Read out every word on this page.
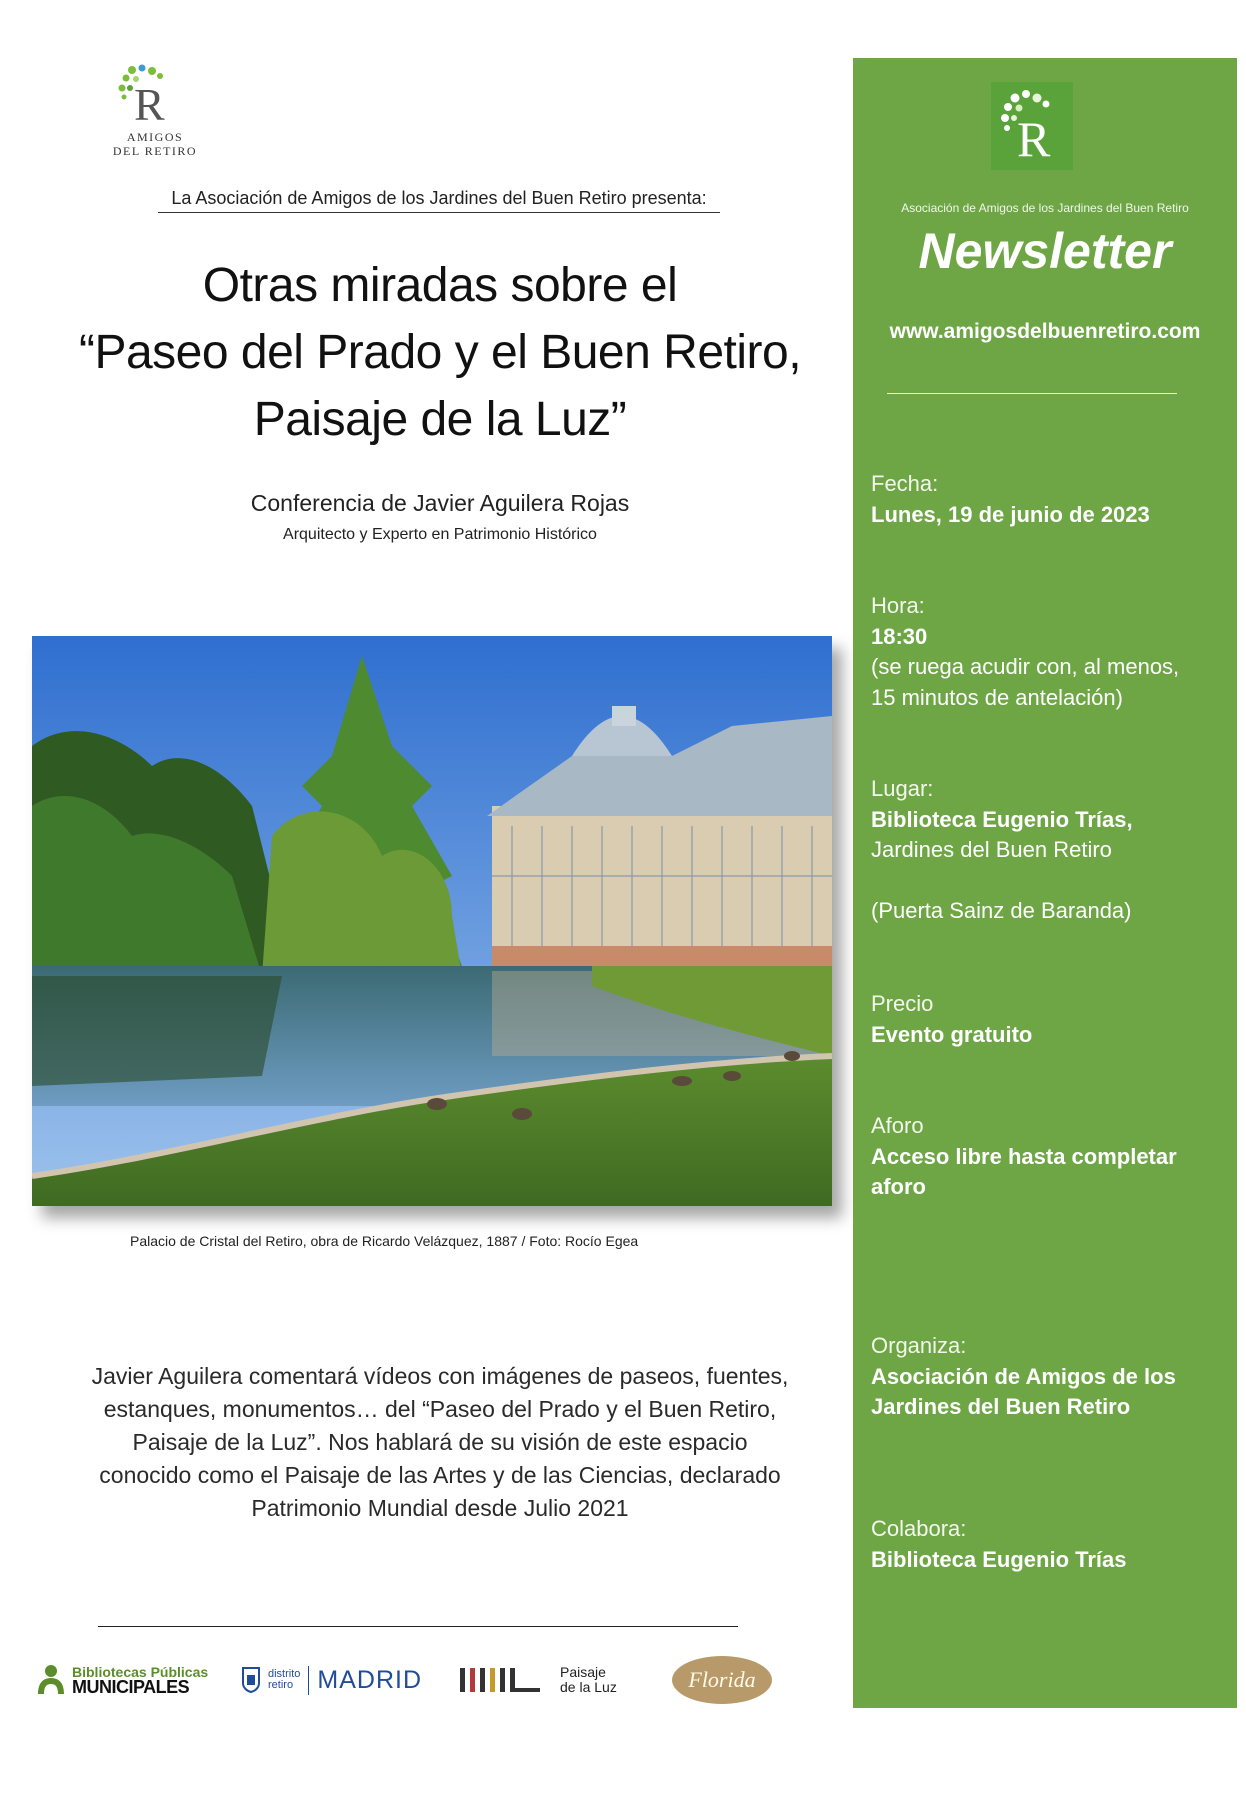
R
AMIGOS
DEL RETIRO
La Asociación de Amigos de los Jardines del Buen Retiro presenta:
Otras miradas sobre el
“Paseo del Prado y el Buen Retiro,
Paisaje de la Luz”
Conferencia de Javier Aguilera Rojas
Arquitecto y Experto en Patrimonio Histórico
Palacio de Cristal del Retiro, obra de Ricardo Velázquez, 1887 / Foto: Rocío Egea
Javier Aguilera comentará vídeos con imágenes de paseos, fuentes,
estanques, monumentos… del “Paseo del Prado y el Buen Retiro,
Paisaje de la Luz”. Nos hablará de su visión de este espacio
conocido como el Paisaje de las Artes y de las Ciencias, declarado
Patrimonio Mundial desde Julio 2021
Bibliotecas Públicas
MUNICIPALES
distrito
retiro MADRID	Paisaje
de la Luz	Florida
R
Asociación de Amigos de los Jardines del Buen Retiro
Newsletter
www.amigosdelbuenretiro.com
Fecha:
Lunes, 19 de junio de 2023
Hora:
18:30
(se ruega acudir con, al menos,
15 minutos de antelación)
Lugar:
Biblioteca Eugenio Trías,
Jardines del Buen Retiro
(Puerta Sainz de Baranda)
Precio
Evento gratuito
Aforo
Acceso libre hasta completar
aforo
Organiza:
Asociación de Amigos de los
Jardines del Buen Retiro
Colabora:
Biblioteca Eugenio Trías
